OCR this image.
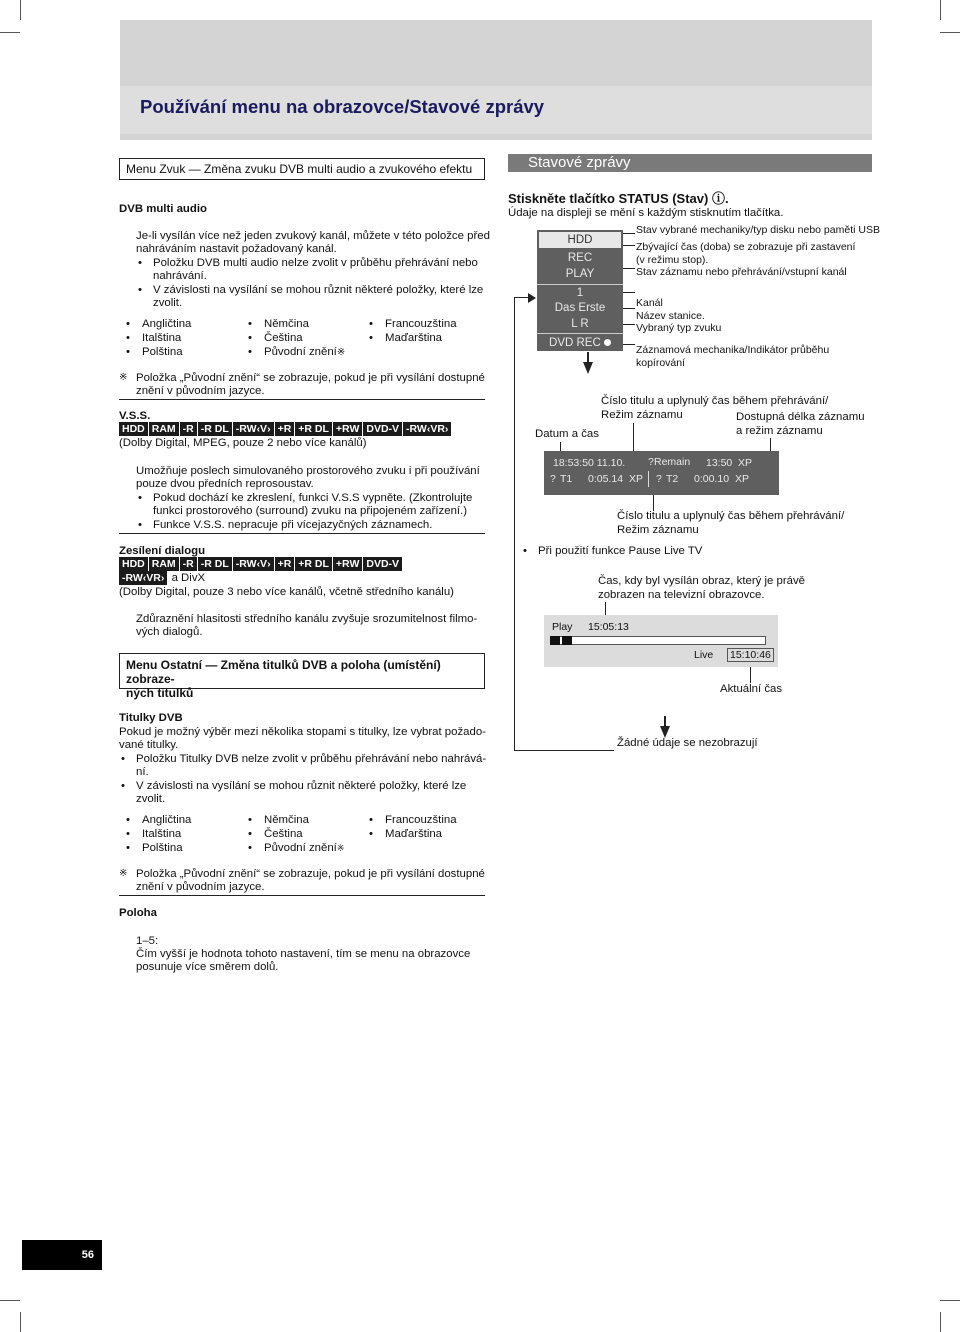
Používání menu na obrazovce/Stavové zprávy
Menu Zvuk — Změna zvuku DVB multi audio a zvukového efektu
DVB multi audio
Je-li vysílán více než jeden zvukový kanál, můžete v této položce před
nahráváním nastavit požadovaný kanál.
• Položku DVB multi audio nelze zvolit v průběhu přehrávání nebo
nahrávání.
• V závislosti na vysílání se mohou různit některé položky, které lze
zvolit.
• Angličtina
• Italština
• Polština
• Němčina
• Čeština
• Původní znění※
• Francouzština
• Maďaršt​ina
※ Položka „Původní znění“ se zobrazuje, pokud je při vysílání dostupné
znění v původním jazyce.
V.S.S.
HDD RAM -R -R DL -RW‹V› +R +R DL +RW DVD-V -RW‹VR›
(Dolby Digital, MPEG, pouze 2 nebo více kanálů)
Umožňuje poslech simulovaného prostorového zvuku i při používání
pouze dvou předních reprosoustav.
• Pokud dochází ke zkreslení, funkci V.S.S vypněte. (Zkontrolujte
funkci prostorového (surround) zvuku na připojeném zařízení.)
• Funkce V.S.S. nepracuje při vícejazyčných záznamech.
Zesílení dialogu
HDD RAM -R -R DL -RW‹V› +R +R DL +RW DVD-V
-RW‹VR› a DivX
(Dolby Digital, pouze 3 nebo více kanálů, včetně středního kanálu)
Zdůraznění hlasitosti středního kanálu zvyšuje srozumitelnost filmo-
vých dialogů.
Menu Ostatní — Změna titulků DVB a poloha (umístění) zobraze-
ných titulků
Titulky DVB
Pokud je možný výběr mezi několika stopami s titulky, lze vybrat požado-
vané titulky.
• Položku Titulky DVB nelze zvolit v průběhu přehrávání nebo nahrává-
ní.
• V závislosti na vysílání se mohou různit některé položky, které lze
zvolit.
• Angličtina
• Italština
• Polština
• Němčina
• Čeština
• Původní znění※
• Francouzština
• Maďaršt​ina
※ Položka „Původní znění“ se zobrazuje, pokud je při vysílání dostupné
znění v původním jazyce.
Poloha
1–5:
Čím vyšší je hodnota tohoto nastavení, tím se menu na obrazovce
posunuje více směrem dolů.
Stavové zprávy
Stiskněte tlačítko STATUS (Stav) ⓘ.
Údaje na displeji se mění s každým stisknutím tlačítka.
HDD
REC
PLAY
1
Das Erste
L R
DVD REC
Stav vybrané mechaniky/typ disku nebo paměti USB
Zbývající čas (doba) se zobrazuje při zastavení
(v režimu stop).
Stav záznamu nebo přehrávání/vstupní kanál
Kanál
Název stanice.
Vybraný typ zvuku
Záznamová mechanika/Indikátor průběhu
kopírování
Číslo titulu a uplynulý čas během přehrávání/
Režim záznamu	Dostupná délka záznamu
a režim záznamu
Datum a čas
18:53:50 11.10. ? Remain 13:50 XP
? T1 0:05.14 XP ? T2 0:00.10 XP
Číslo titulu a uplynulý čas během přehrávání/
Režim záznamu
• Při použití funkce Pause Live TV
Čas, kdy byl vysílán obraz, který je právě
zobrazen na televizní obrazovce.
Play 15:05:13
Live 15:10:46
Aktuální čas
Žádné údaje se nezobrazují
56
